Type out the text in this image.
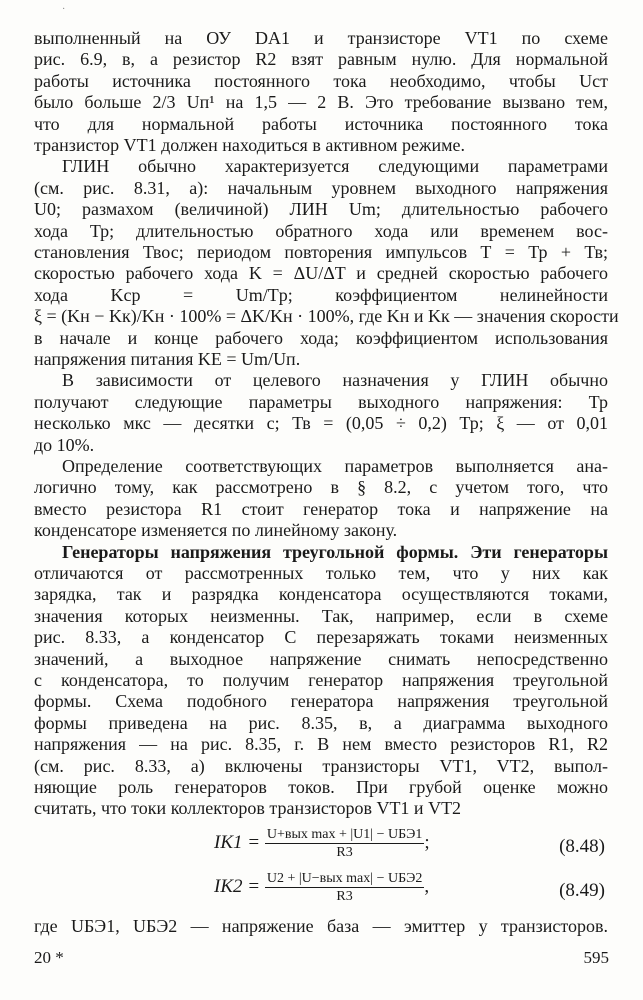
·
выполненный на ОУ DA1 и транзисторе VT1 по схеме
рис. 6.9, в, а резистор R2 взят равным нулю. Для нормальной
работы источника постоянного тока необходимо, чтобы Uст
было больше 2/3 Uп¹ на 1,5 — 2 В. Это требование вызвано тем,
что для нормальной работы источника постоянного тока
транзистор VT1 должен находиться в активном режиме.
ГЛИН обычно характеризуется следующими параметрами
(см. рис. 8.31, а): начальным уровнем выходного напряжения
U0; размахом (величиной) ЛИН Um; длительностью рабочего
хода Тр; длительностью обратного хода или временем вос-
становления Твос; периодом повторения импульсов Т = Тр + Тв;
скоростью рабочего хода K = ΔU/ΔT и средней скоростью рабочего
хода Kср = Um/Tр; коэффициентом нелинейности
ξ = (Kн − Kк)/Kн · 100% = ΔK/Kн · 100%, где Kн и Kк — значения скорости
в начале и конце рабочего хода; коэффициентом использования
напряжения питания KE = Um/Uп.
В зависимости от целевого назначения у ГЛИН обычно
получают следующие параметры выходного напряжения: Тр
несколько мкс — десятки с; Тв = (0,05 ÷ 0,2) Тр; ξ — от 0,01
до 10%.
Определение соответствующих параметров выполняется ана-
логично тому, как рассмотрено в § 8.2, с учетом того, что
вместо резистора R1 стоит генератор тока и напряжение на
конденсаторе изменяется по линейному закону.
Генераторы напряжения треугольной формы. Эти генераторы
отличаются от рассмотренных только тем, что у них как
зарядка, так и разрядка конденсатора осуществляются токами,
значения которых неизменны. Так, например, если в схеме
рис. 8.33, а конденсатор C перезаряжать токами неизменных
значений, а выходное напряжение снимать непосредственно
с конденсатора, то получим генератор напряжения треугольной
формы. Схема подобного генератора напряжения треугольной
формы приведена на рис. 8.35, в, а диаграмма выходного
напряжения — на рис. 8.35, г. В нем вместо резисторов R1, R2
(см. рис. 8.33, а) включены транзисторы VT1, VT2, выпол-
няющие роль генераторов токов. При грубой оценке можно
считать, что токи коллекторов транзисторов VT1 и VT2
20 *	595
$IK1 = \frac{\text{U+вых max + |U1| − UБЭ1}}{R3}$ ;	(8.48)
$IK2 = \frac{\text{U2 + |U−вых max| − UБЭ2}}{R3}$ ,	(8.49)
где UБЭ1, UБЭ2 — напряжение база — эмиттер у транзисторов.
